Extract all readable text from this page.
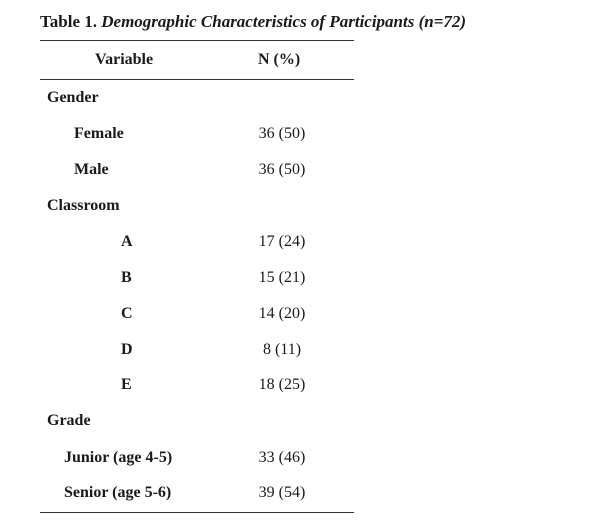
Table 1. Demographic Characteristics of Participants (n=72)
Variable	N (%)
Gender
Female	36 (50)
Male	36 (50)
Classroom
A	17 (24)
B	15 (21)
C	14 (20)
D	8 (11)
E	18 (25)
Grade
Junior (age 4-5)	33 (46)
Senior (age 5-6)	39 (54)
